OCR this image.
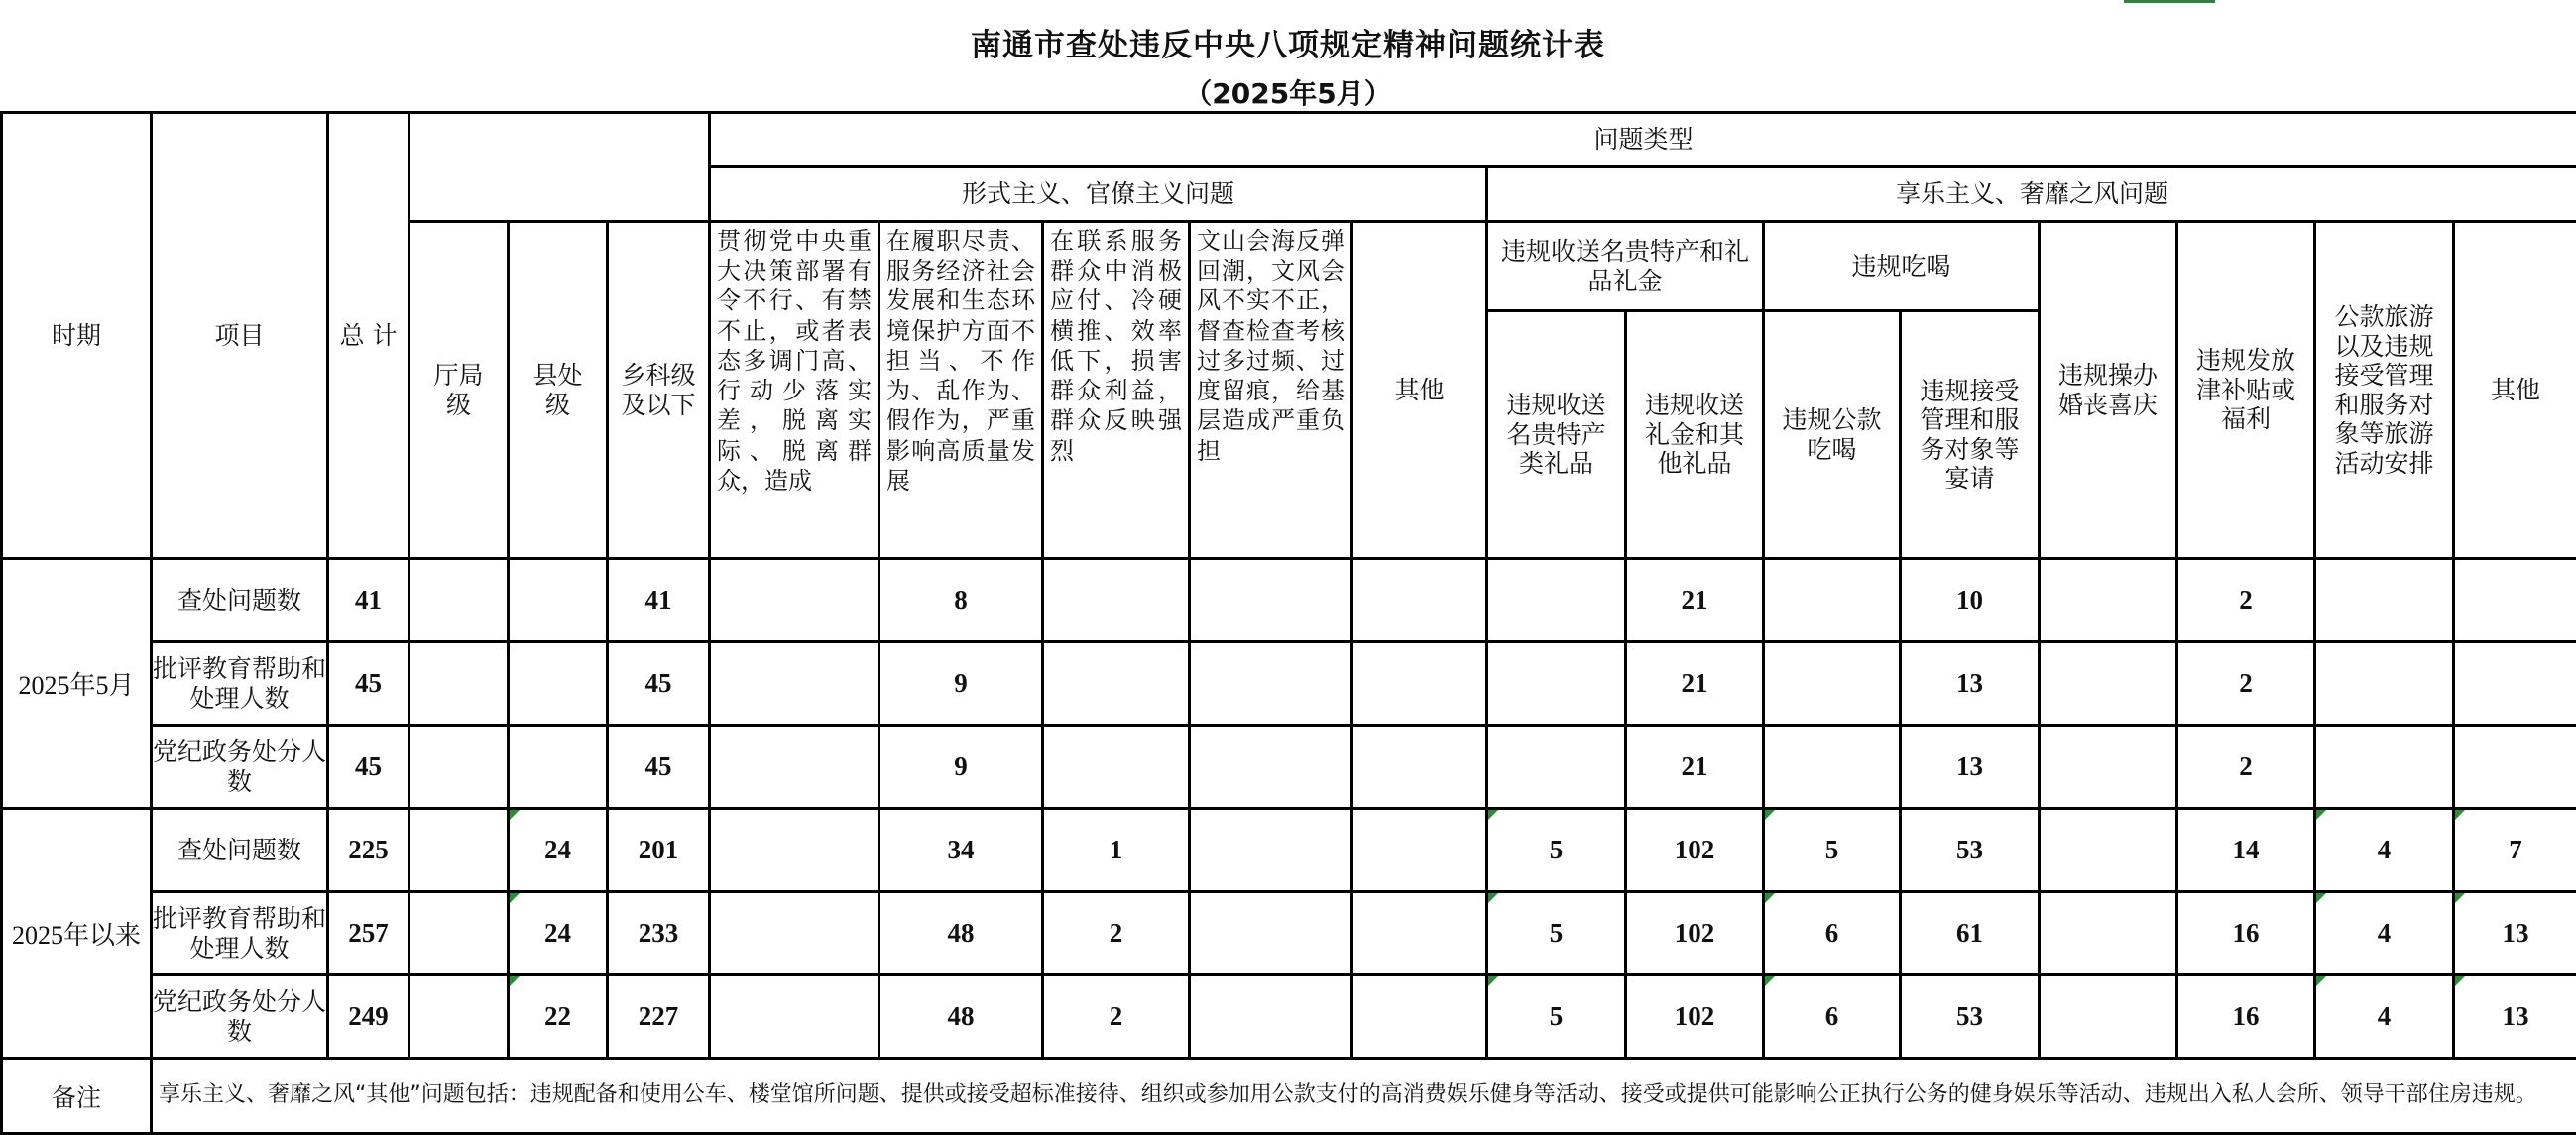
南通市查处违反中央八项规定精神问题统计表
（2025年5月）
时期	项目	总 计				问题类型												
						形式主义、官僚主义问题					享乐主义、奢靡之风问题							
			厅局级	县处级	乡科级及以下	贯彻党中央重大决策部署有令不行、有禁不止，或者表态多调门高、行动少落实差，脱离实际、脱离群众，造成	在履职尽责、服务经济社会发展和生态环境保护方面不担当、不作为、乱作为、假作为，严重影响高质量发展	在联系服务群众中消极应付、冷硬横推、效率低下，损害群众利益，群众反映强烈	文山会海反弹回潮，文风会风不实不正，督查检查考核过多过频、过度留痕，给基层造成严重负担	其他	违规收送名贵特产和礼品礼金		违规吃喝		违规操办婚丧喜庆	违规发放津补贴或福利	公款旅游以及违规接受管理和服务对象等旅游活动安排	其他
											违规收送名贵特产类礼品	违规收送礼金和其他礼品	违规公款吃喝	违规接受管理和服务对象等宴请				
2025年5月	查处问题数	41			41		8					21		10		2		
	批评教育帮助和处理人数	45			45		9					21		13		2		
	党纪政务处分人数	45			45		9					21		13		2		
2025年以来	查处问题数	225		24	201		34	1			5	102	5	53		14	4	7
	批评教育帮助和处理人数	257		24	233		48	2			5	102	6	61		16	4	13
	党纪政务处分人数	249		22	227		48	2			5	102	6	53		16	4	13
备注	享乐主义、奢靡之风“其他”问题包括：违规配备和使用公车、楼堂馆所问题、提供或接受超标准接待、组织或参加用公款支付的高消费娱乐健身等活动、接受或提供可能影响公正执行公务的健身娱乐等活动、违规出入私人会所、领导干部住房违规。																	
